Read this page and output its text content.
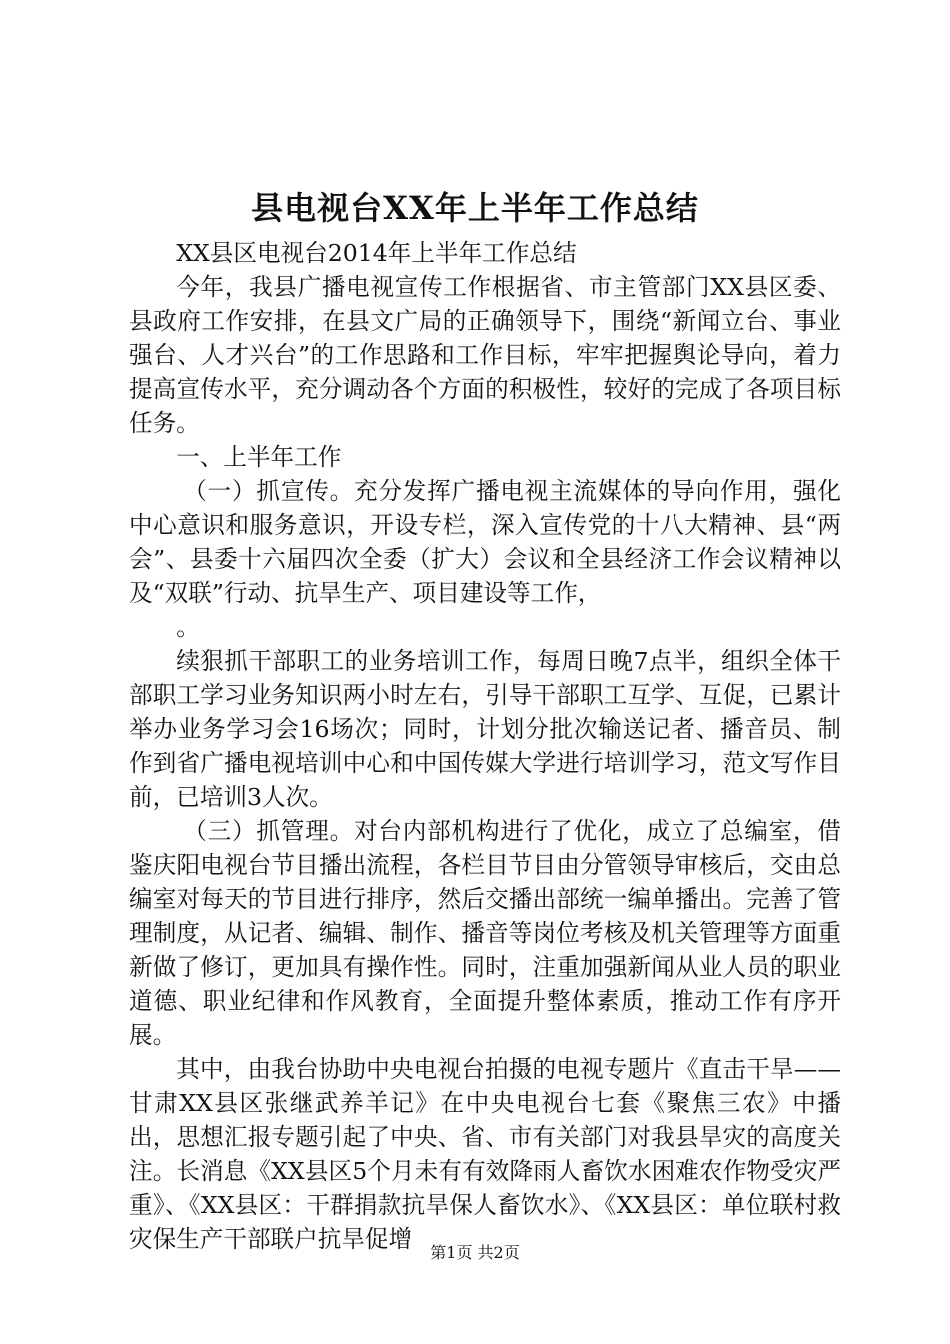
县电视台XX年上半年工作总结

XX县区电视台2014年上半年工作总结

今年，我县广播电视宣传工作根据省、市主管部门XX县区委、县政府工作安排，在县文广局的正确领导下，围绕“新闻立台、事业强台、人才兴台”的工作思路和工作目标，牢牢把握舆论导向，着力提高宣传水平，充分调动各个方面的积极性，较好的完成了各项目标任务。

一、上半年工作

（一）抓宣传。充分发挥广播电视主流媒体的导向作用，强化中心意识和服务意识，开设专栏，深入宣传党的十八大精神、县“两会”、县委十六届四次全委（扩大）会议和全县经济工作会议精神以及“双联”行动、抗旱生产、项目建设等工作，

。

续狠抓干部职工的业务培训工作，每周日晚7点半，组织全体干部职工学习业务知识两小时左右，引导干部职工互学、互促，已累计举办业务学习会16场次；同时，计划分批次输送记者、播音员、制作到省广播电视培训中心和中国传媒大学进行培训学习，范文写作目前，已培训3人次。

（三）抓管理。对台内部机构进行了优化，成立了总编室，借鉴庆阳电视台节目播出流程，各栏目节目由分管领导审核后，交由总编室对每天的节目进行排序，然后交播出部统一编单播出。完善了管理制度，从记者、编辑、制作、播音等岗位考核及机关管理等方面重新做了修订，更加具有操作性。同时，注重加强新闻从业人员的职业道德、职业纪律和作风教育，全面提升整体素质，推动工作有序开展。

其中，由我台协助中央电视台拍摄的电视专题片《直击干旱——甘肃XX县区张继武养羊记》在中央电视台七套《聚焦三农》中播出，思想汇报专题引起了中央、省、市有关部门对我县旱灾的高度关注。长消息《XX县区5个月未有有效降雨人畜饮水困难农作物受灾严重》、《XX县区：干群捐款抗旱保人畜饮水》、《XX县区：单位联村救灾保生产干部联户抗旱促增	第1页 共2页
